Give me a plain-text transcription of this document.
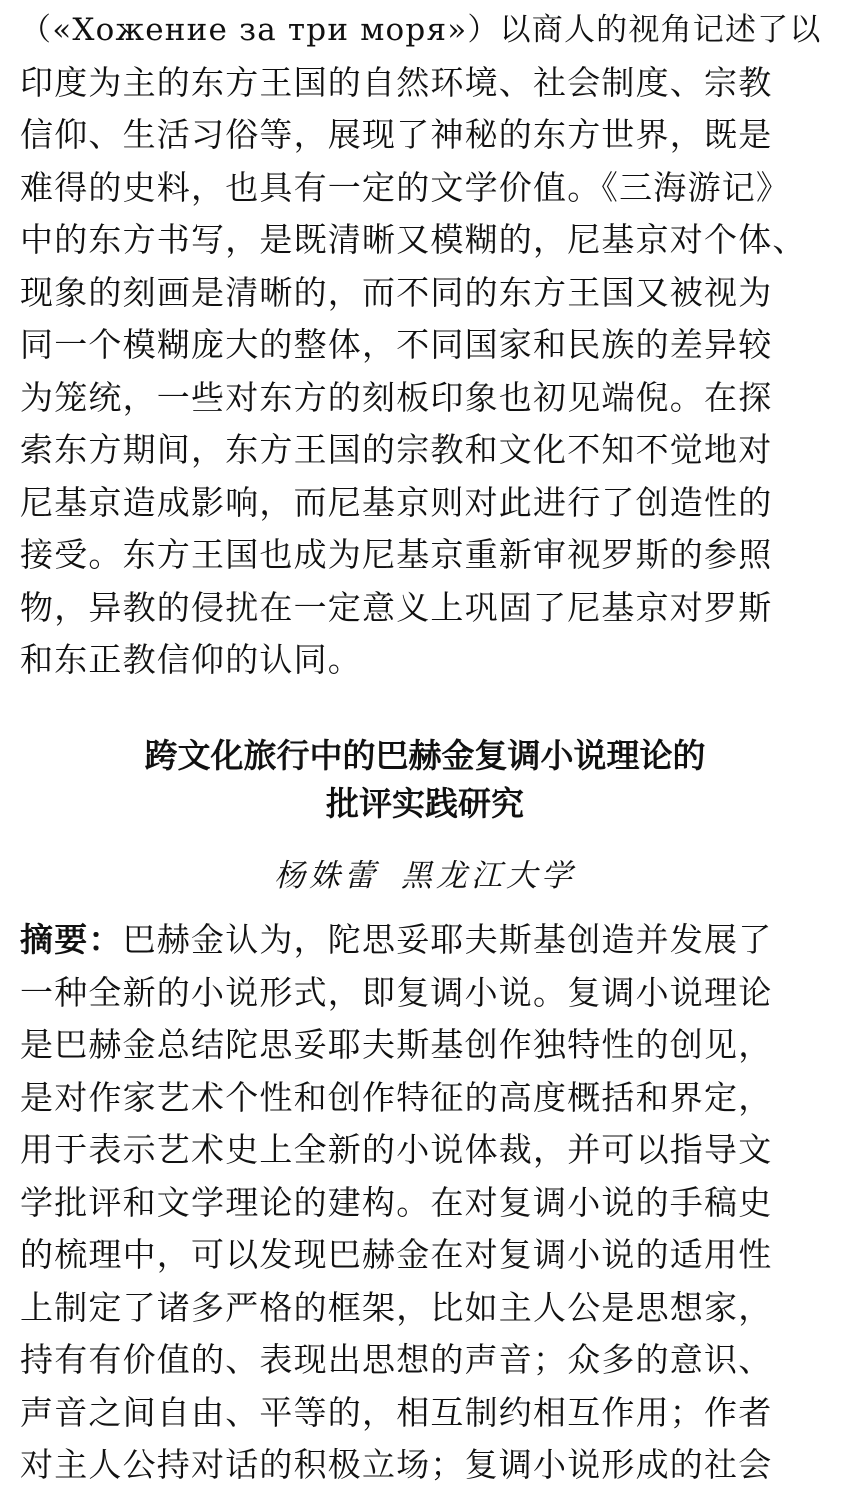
（«Хожение за три моря»）以商人的视角记述了以
印度为主的东方王国的自然环境、社会制度、宗教
信仰、生活习俗等，展现了神秘的东方世界，既是
难得的史料，也具有一定的文学价值。《三海游记》
中的东方书写，是既清晰又模糊的，尼基京对个体、
现象的刻画是清晰的，而不同的东方王国又被视为
同一个模糊庞大的整体，不同国家和民族的差异较
为笼统，一些对东方的刻板印象也初见端倪。在探
索东方期间，东方王国的宗教和文化不知不觉地对
尼基京造成影响，而尼基京则对此进行了创造性的
接受。东方王国也成为尼基京重新审视罗斯的参照
物，异教的侵扰在一定意义上巩固了尼基京对罗斯
和东正教信仰的认同。
跨文化旅行中的巴赫金复调小说理论的
批评实践研究
杨姝蕾 黑龙江大学
摘要：巴赫金认为，陀思妥耶夫斯基创造并发展了
一种全新的小说形式，即复调小说。复调小说理论
是巴赫金总结陀思妥耶夫斯基创作独特性的创见，
是对作家艺术个性和创作特征的高度概括和界定，
用于表示艺术史上全新的小说体裁，并可以指导文
学批评和文学理论的建构。在对复调小说的手稿史
的梳理中，可以发现巴赫金在对复调小说的适用性
上制定了诸多严格的框架，比如主人公是思想家，
持有有价值的、表现出思想的声音；众多的意识、
声音之间自由、平等的，相互制约相互作用；作者
对主人公持对话的积极立场；复调小说形成的社会
